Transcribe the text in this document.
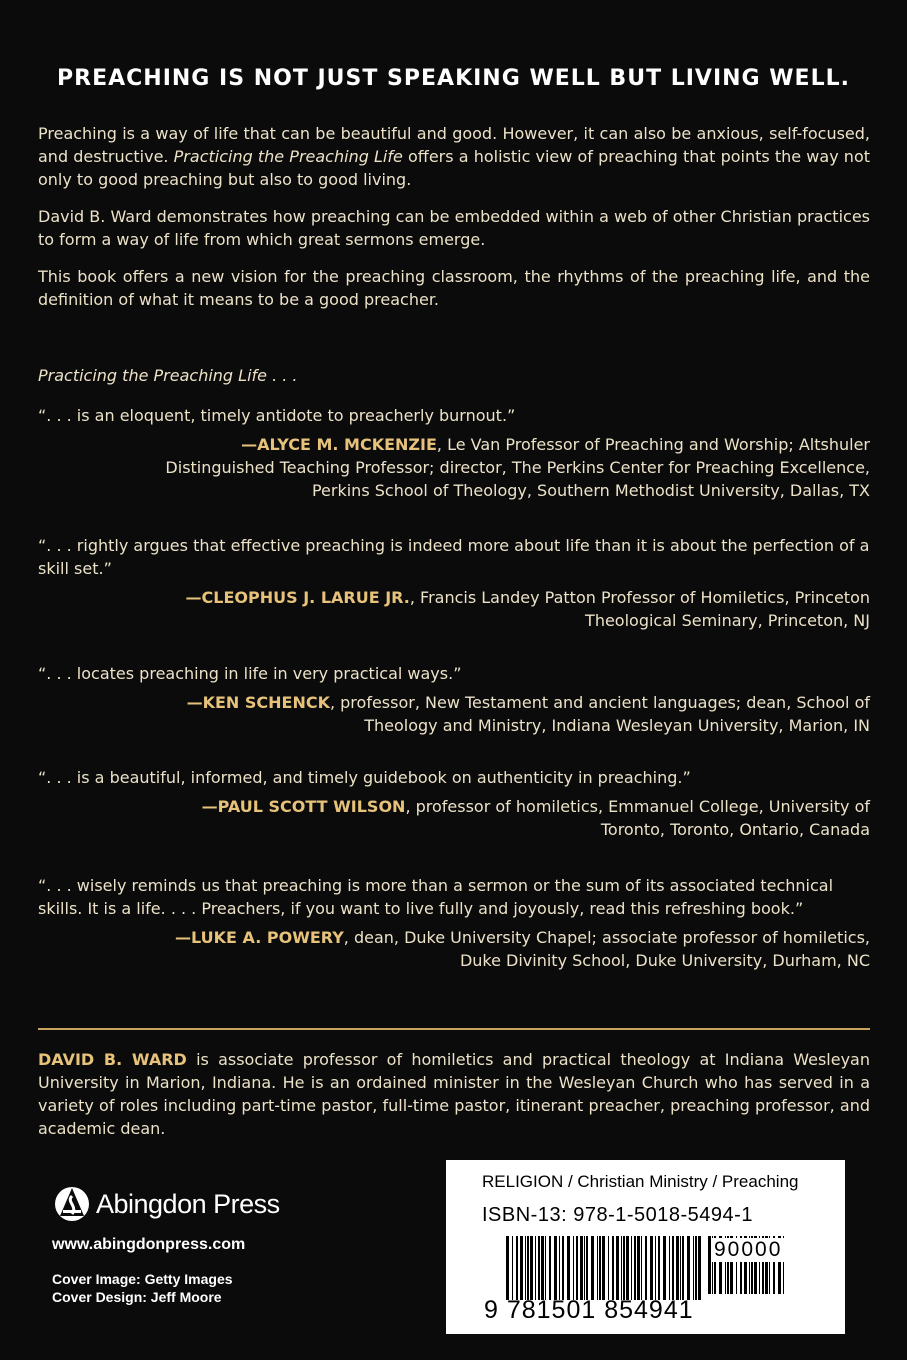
PREACHING IS NOT JUST SPEAKING WELL BUT LIVING WELL.

Preaching is a way of life that can be beautiful and good. However, it can also be anxious, self-focused, and destructive. Practicing the Preaching Life offers a holistic view of preaching that points the way not only to good preaching but also to good living.

David B. Ward demonstrates how preaching can be embedded within a web of other Christian practices to form a way of life from which great sermons emerge.

This book offers a new vision for the preaching classroom, the rhythms of the preaching life, and the definition of what it means to be a good preacher.

Practicing the Preaching Life . . .

“. . . is an eloquent, timely antidote to preacherly burnout.”

—ALYCE M. MCKENZIE, Le Van Professor of Preaching and Worship; Altshuler
Distinguished Teaching Professor; director, The Perkins Center for Preaching Excellence,
Perkins School of Theology, Southern Methodist University, Dallas, TX

“. . . rightly argues that effective preaching is indeed more about life than it is about the perfection of a skill set.”

—CLEOPHUS J. LARUE JR., Francis Landey Patton Professor of Homiletics, Princeton
Theological Seminary, Princeton, NJ

“. . . locates preaching in life in very practical ways.”

—KEN SCHENCK, professor, New Testament and ancient languages; dean, School of
Theology and Ministry, Indiana Wesleyan University, Marion, IN

“. . . is a beautiful, informed, and timely guidebook on authenticity in preaching.”

—PAUL SCOTT WILSON, professor of homiletics, Emmanuel College, University of
Toronto, Toronto, Ontario, Canada

“. . . wisely reminds us that preaching is more than a sermon or the sum of its associated technical skills. It is a life. . . . Preachers, if you want to live fully and joyously, read this refreshing book.”

—LUKE A. POWERY, dean, Duke University Chapel; associate professor of homiletics,
Duke Divinity School, Duke University, Durham, NC

DAVID B. WARD is associate professor of homiletics and practical theology at Indiana Wesleyan University in Marion, Indiana. He is an ordained minister in the Wesleyan Church who has served in a variety of roles including part-time pastor, full-time pastor, itinerant preacher, preaching professor, and academic dean.

Abingdon Press
www.abingdonpress.com
Cover Image: Getty Images
Cover Design: Jeff Moore
RELIGION / Christian Ministry / Preaching
ISBN-13: 978-1-5018-5494-1
90000
9 781501 854941
